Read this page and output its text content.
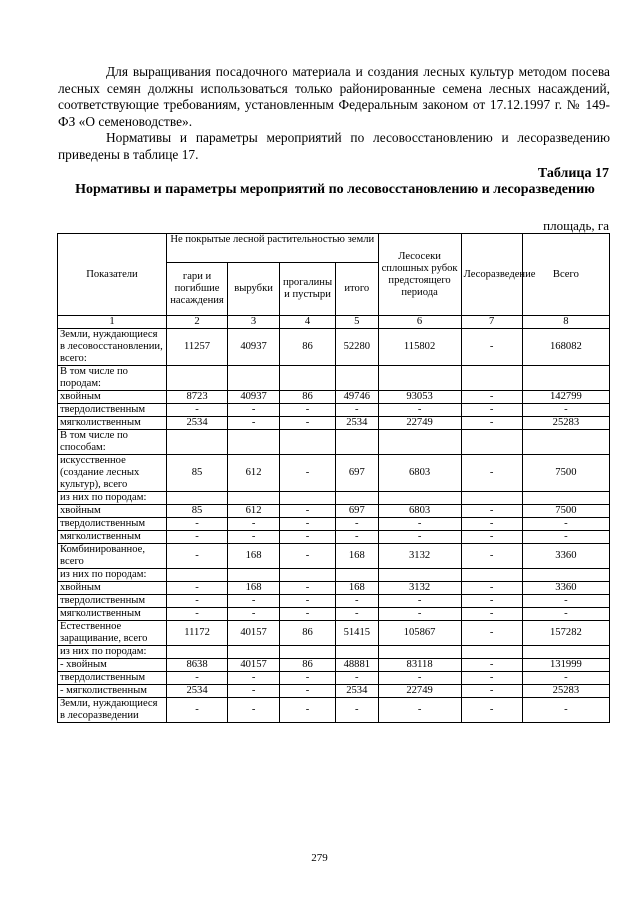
Для выращивания посадочного материала и создания лесных культур методом посева лесных семян должны использоваться только районированные семена лесных насаждений, соответствующие требованиям, установленным Федеральным законом от 17.12.1997 г. № 149-ФЗ «О семеноводстве».

Нормативы и параметры мероприятий по лесовосстановлению и лесоразведению приведены в таблице 17.

Таблица 17

Нормативы и параметры мероприятий по лесовосстановлению и лесоразведению

площадь, га
Показатели	Не покрытые лесной растительностью земли				Лесосеки сплошных рубок предстоящего периода	Лесоразведение	Всего
	гари и погибшие насаждения	вырубки	прогалины и пустыри	итого			
1	2	3	4	5	6	7	8
Земли, нуждающиеся в лесовосстановлении, всего:	11257	40937	86	52280	115802	-	168082
В том числе по породам:							
хвойным	8723	40937	86	49746	93053	-	142799
твердолиственным	-	-	-	-	-	-	-
мягколиственным	2534	-	-	2534	22749	-	25283
В том числе по способам:							
искусственное (создание лесных культур), всего	85	612	-	697	6803	-	7500
из них по породам:							
хвойным	85	612	-	697	6803	-	7500
твердолиственным	-	-	-	-	-	-	-
мягколиственным	-	-	-	-	-	-	-
Комбинированное, всего	-	168	-	168	3132	-	3360
из них по породам:							
хвойным	-	168	-	168	3132	-	3360
твердолиственным	-	-	-	-	-	-	-
мягколиственным	-	-	-	-	-	-	-
Естественное заращивание, всего	11172	40157	86	51415	105867	-	157282
из них по породам:							
- хвойным	8638	40157	86	48881	83118	-	131999
твердолиственным	-	-	-	-	-	-	-
- мягколиственным	2534	-	-	2534	22749	-	25283
Земли, нуждающиеся в лесоразведении	-	-	-	-	-	-	-
279
